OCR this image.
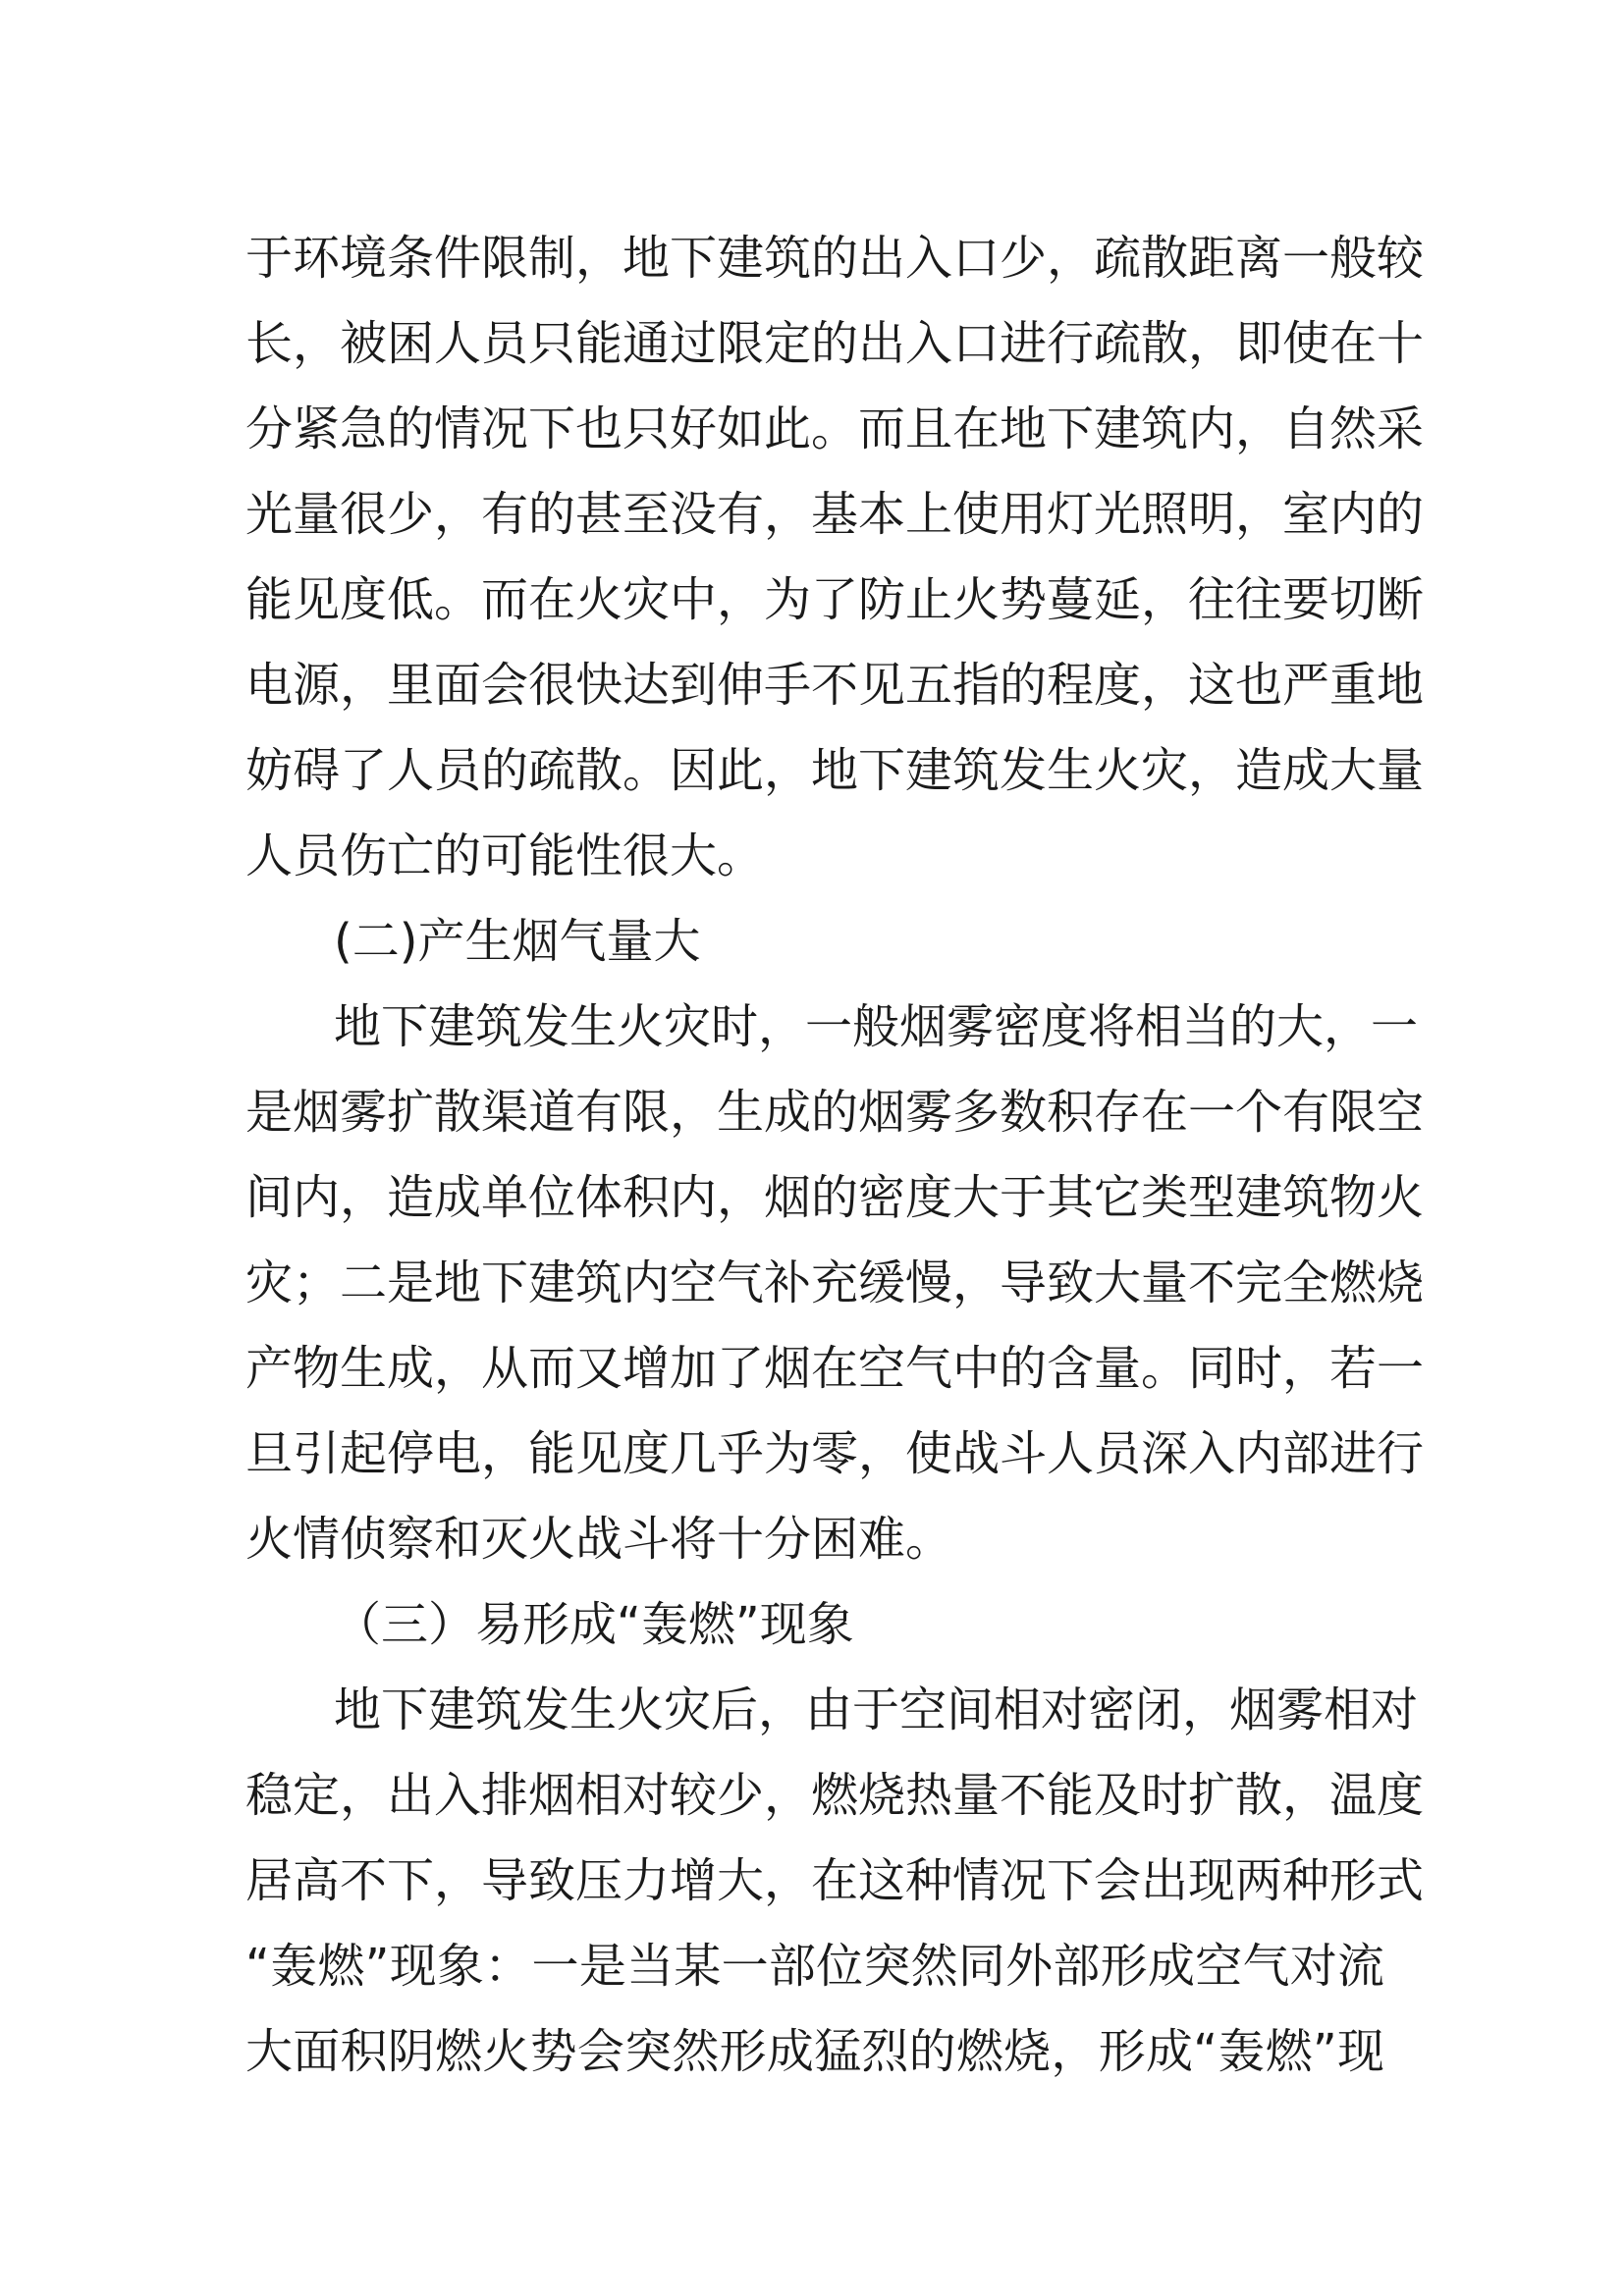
于环境条件限制，地下建筑的出入口少，疏散距离一般较
长，被困人员只能通过限定的出入口进行疏散，即使在十
分紧急的情况下也只好如此。而且在地下建筑内，自然采
光量很少，有的甚至没有，基本上使用灯光照明，室内的
能见度低。而在火灾中，为了防止火势蔓延，往往要切断
电源，里面会很快达到伸手不见五指的程度，这也严重地
妨碍了人员的疏散。因此，地下建筑发生火灾，造成大量
人员伤亡的可能性很大。
(二)产生烟气量大
地下建筑发生火灾时，一般烟雾密度将相当的大，一
是烟雾扩散渠道有限，生成的烟雾多数积存在一个有限空
间内，造成单位体积内，烟的密度大于其它类型建筑物火
灾；二是地下建筑内空气补充缓慢，导致大量不完全燃烧
产物生成，从而又增加了烟在空气中的含量。同时，若一
旦引起停电，能见度几乎为零，使战斗人员深入内部进行
火情侦察和灭火战斗将十分困难。
（三）易形成“轰燃”现象
地下建筑发生火灾后，由于空间相对密闭，烟雾相对
稳定，出入排烟相对较少，燃烧热量不能及时扩散，温度
居高不下，导致压力增大，在这种情况下会出现两种形式
“轰燃”现象：一是当某一部位突然同外部形成空气对流
大面积阴燃火势会突然形成猛烈的燃烧，形成“轰燃”现
